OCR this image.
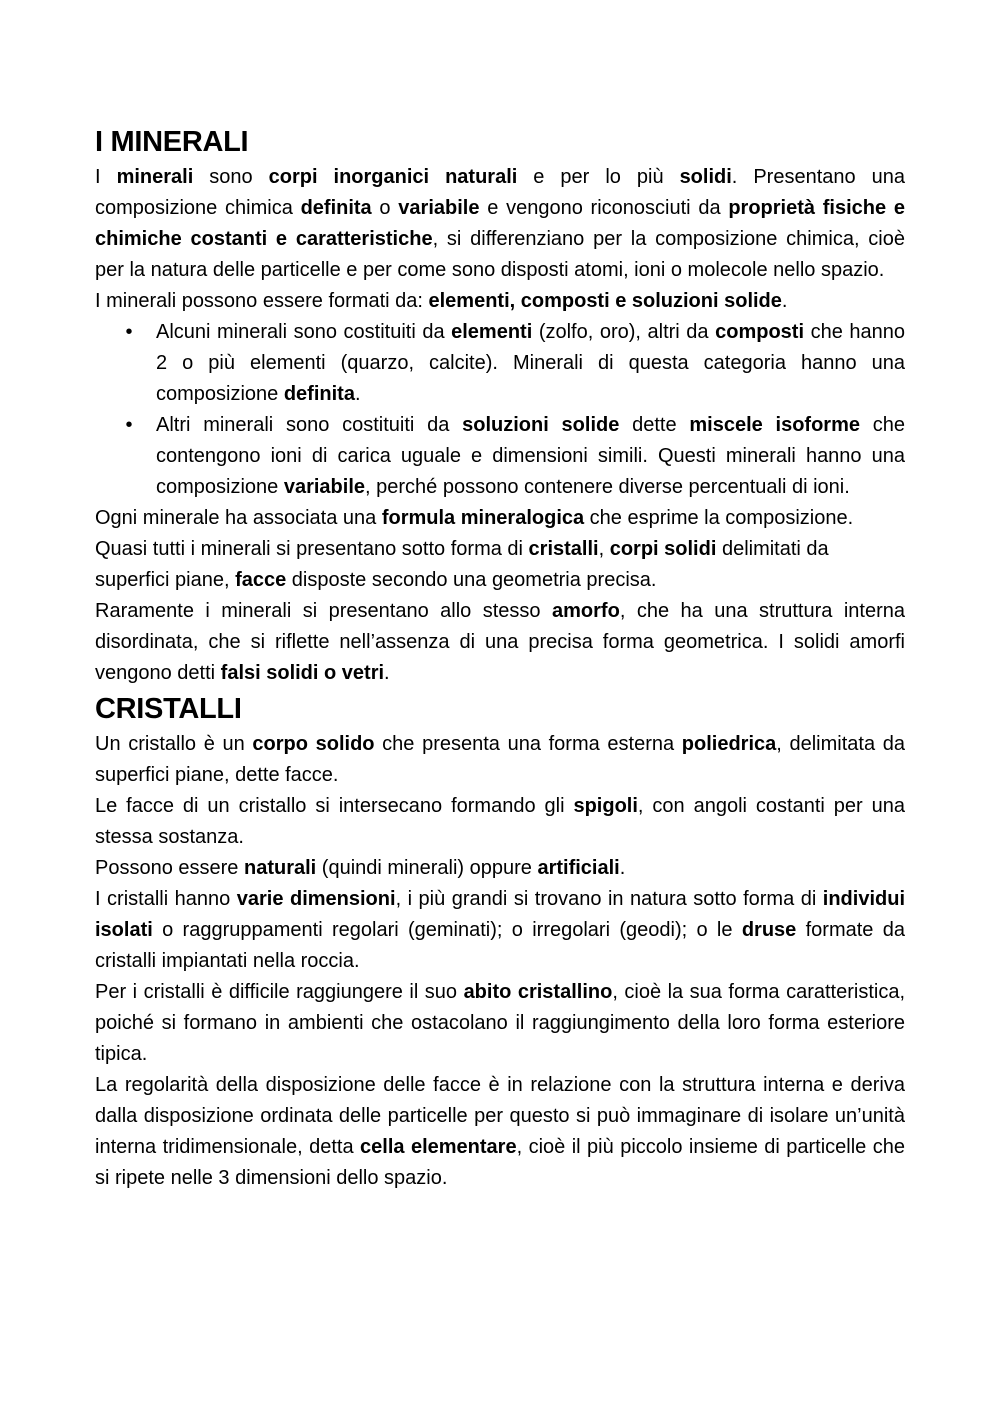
I MINERALI

I minerali sono corpi inorganici naturali e per lo più solidi. Presentano una composizione chimica definita o variabile e vengono riconosciuti da proprietà fisiche e chimiche costanti e caratteristiche, si differenziano per la composizione chimica, cioè per la natura delle particelle e per come sono disposti atomi, ioni o molecole nello spazio.

I minerali possono essere formati da: elementi, composti e soluzioni solide.

• Alcuni minerali sono costituiti da elementi (zolfo, oro), altri da composti che hanno 2 o più elementi (quarzo, calcite). Minerali di questa categoria hanno una composizione definita.
• Altri minerali sono costituiti da soluzioni solide dette miscele isoforme che contengono ioni di carica uguale e dimensioni simili. Questi minerali hanno una composizione variabile, perché possono contenere diverse percentuali di ioni.

Ogni minerale ha associata una formula mineralogica che esprime la composizione.

Quasi tutti i minerali si presentano sotto forma di cristalli, corpi solidi delimitati da superfici piane, facce disposte secondo una geometria precisa.

Raramente i minerali si presentano allo stesso amorfo, che ha una struttura interna disordinata, che si riflette nell’assenza di una precisa forma geometrica. I solidi amorfi vengono detti falsi solidi o vetri.

CRISTALLI

Un cristallo è un corpo solido che presenta una forma esterna poliedrica, delimitata da superfici piane, dette facce.

Le facce di un cristallo si intersecano formando gli spigoli, con angoli costanti per una stessa sostanza.

Possono essere naturali (quindi minerali) oppure artificiali.

I cristalli hanno varie dimensioni, i più grandi si trovano in natura sotto forma di individui isolati o raggruppamenti regolari (geminati); o irregolari (geodi); o le druse formate da cristalli impiantati nella roccia.

Per i cristalli è difficile raggiungere il suo abito cristallino, cioè la sua forma caratteristica, poiché si formano in ambienti che ostacolano il raggiungimento della loro forma esteriore tipica.

La regolarità della disposizione delle facce è in relazione con la struttura interna e deriva dalla disposizione ordinata delle particelle per questo si può immaginare di isolare un’unità interna tridimensionale, detta cella elementare, cioè il più piccolo insieme di particelle che si ripete nelle 3 dimensioni dello spazio.
